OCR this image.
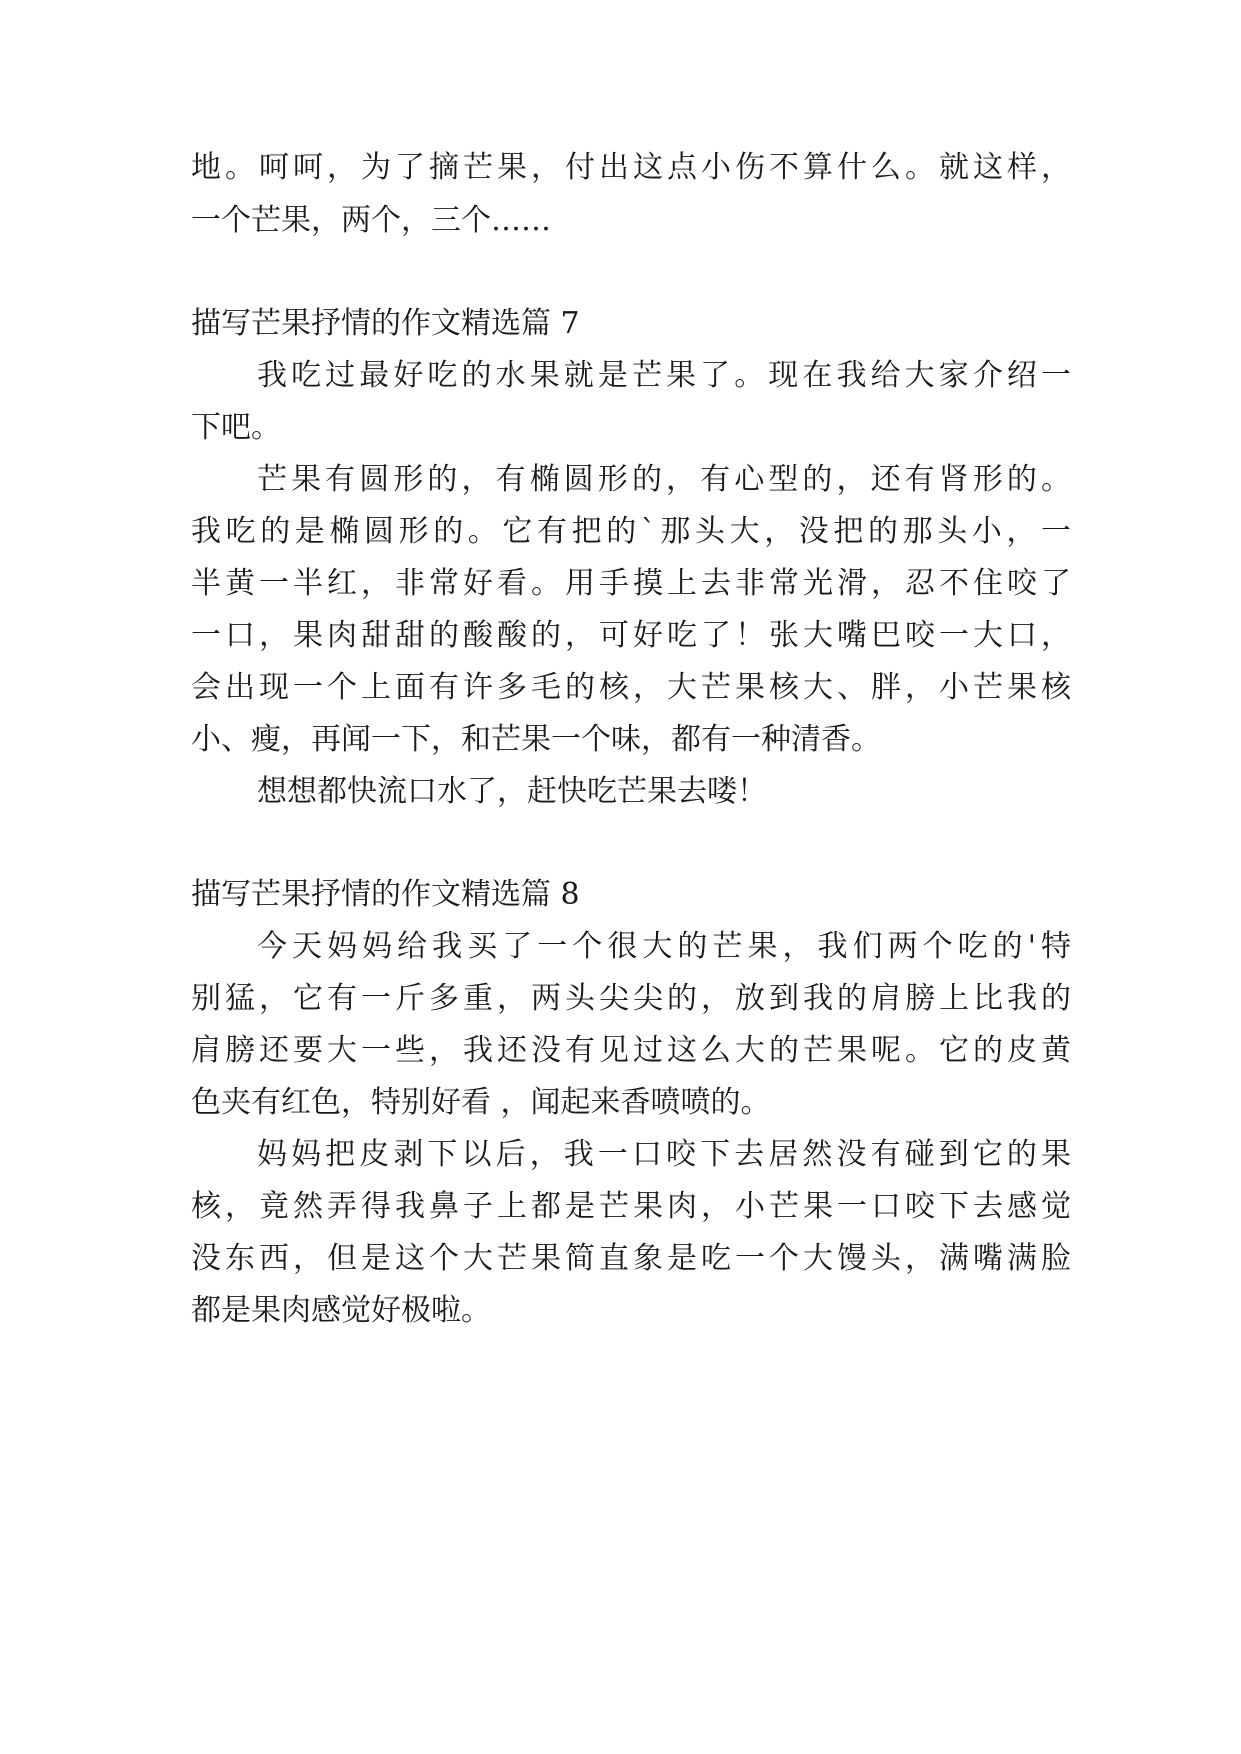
地。呵呵，为了摘芒果，付出这点小伤不算什么。就这样，
一个芒果，两个，三个……
描写芒果抒情的作文精选篇 7
我吃过最好吃的水果就是芒果了。现在我给大家介绍一
下吧。
芒果有圆形的，有椭圆形的，有心型的，还有肾形的。
我吃的是椭圆形的。它有把的`那头大，没把的那头小，一
半黄一半红，非常好看。用手摸上去非常光滑，忍不住咬了
一口，果肉甜甜的酸酸的，可好吃了！张大嘴巴咬一大口，
会出现一个上面有许多毛的核，大芒果核大、胖，小芒果核
小、瘦，再闻一下，和芒果一个味，都有一种清香。
想想都快流口水了，赶快吃芒果去喽！
描写芒果抒情的作文精选篇 8
今天妈妈给我买了一个很大的芒果，我们两个吃的'特
别猛，它有一斤多重，两头尖尖的，放到我的肩膀上比我的
肩膀还要大一些，我还没有见过这么大的芒果呢。它的皮黄
色夹有红色，特别好看 ，闻起来香喷喷的。
妈妈把皮剥下以后，我一口咬下去居然没有碰到它的果
核，竟然弄得我鼻子上都是芒果肉，小芒果一口咬下去感觉
没东西，但是这个大芒果简直象是吃一个大馒头，满嘴满脸
都是果肉感觉好极啦。
